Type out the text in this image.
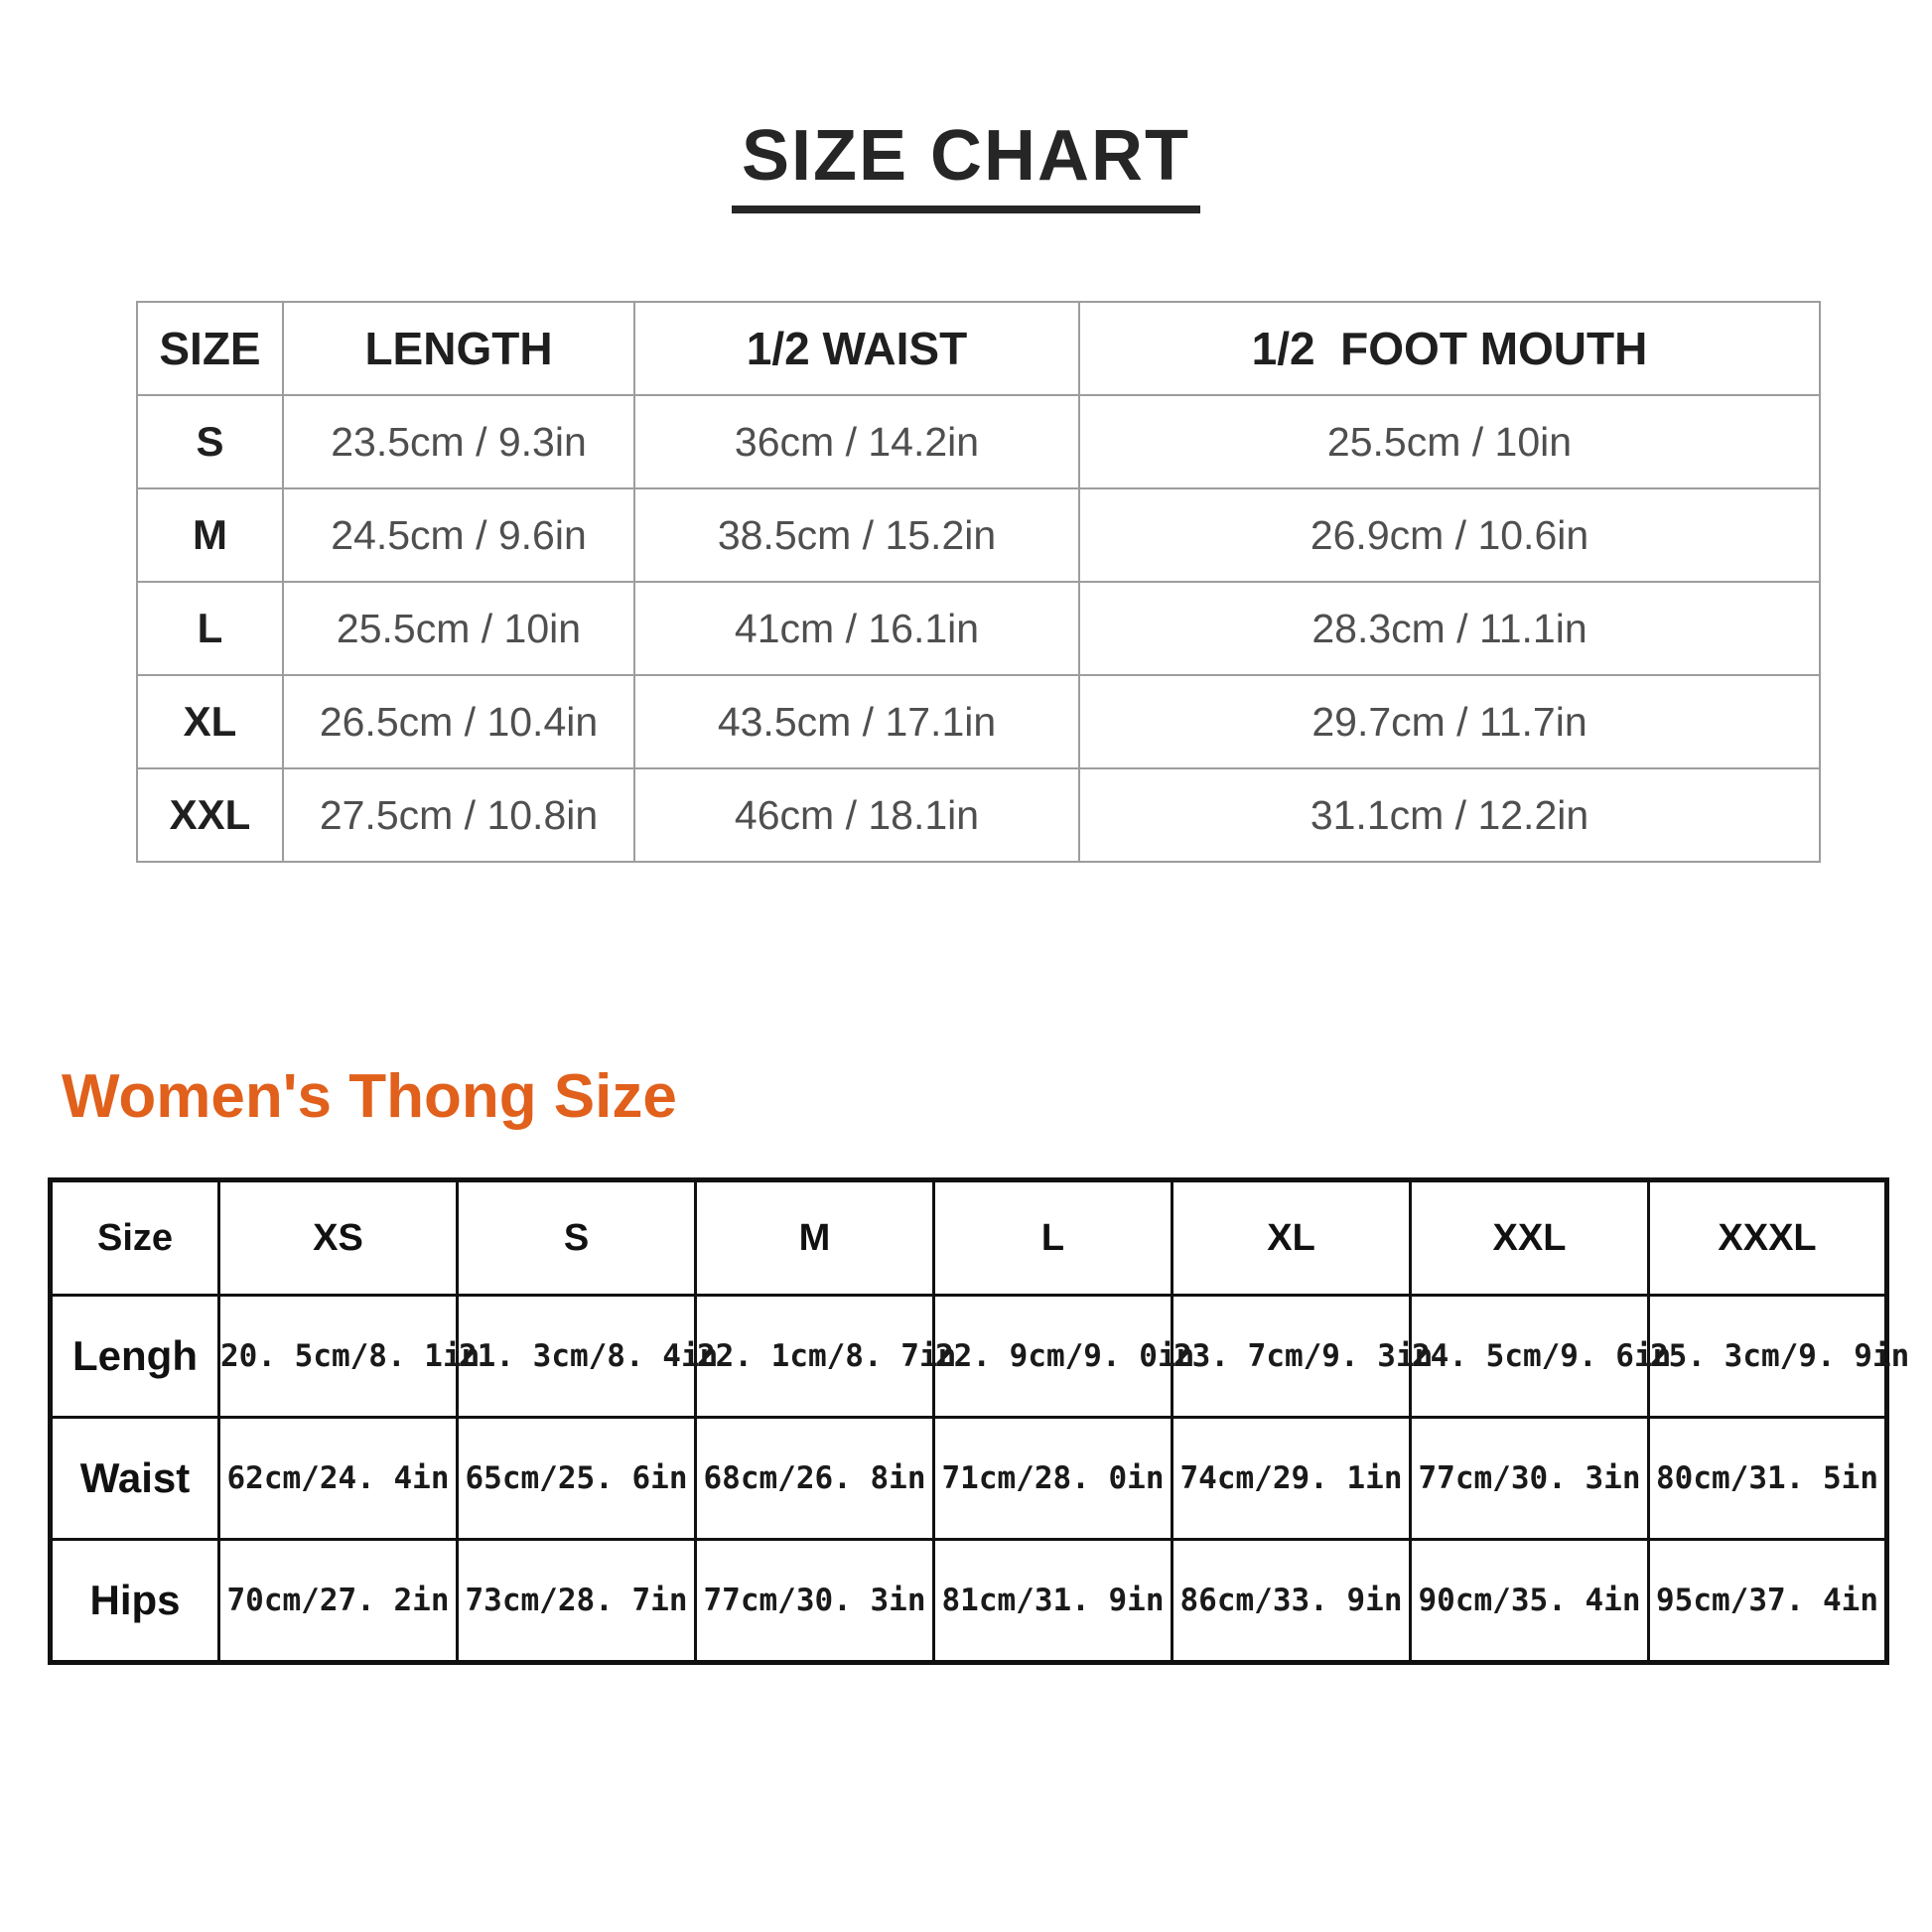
SIZE CHART
SIZE	LENGTH	1/2 WAIST	1/2  FOOT MOUTH
S	23.5cm / 9.3in	36cm / 14.2in	25.5cm / 10in
M	24.5cm / 9.6in	38.5cm / 15.2in	26.9cm / 10.6in
L	25.5cm / 10in	41cm / 16.1in	28.3cm / 11.1in
XL	26.5cm / 10.4in	43.5cm / 17.1in	29.7cm / 11.7in
XXL	27.5cm / 10.8in	46cm / 18.1in	31.1cm / 12.2in
Women's Thong Size
Size	XS	S	M	L	XL	XXL	XXXL
Lengh	20. 5cm/8. 1in	21. 3cm/8. 4in	22. 1cm/8. 7in	22. 9cm/9. 0in	23. 7cm/9. 3in	24. 5cm/9. 6in	25. 3cm/9. 9in
Waist	62cm/24. 4in	65cm/25. 6in	68cm/26. 8in	71cm/28. 0in	74cm/29. 1in	77cm/30. 3in	80cm/31. 5in
Hips	70cm/27. 2in	73cm/28. 7in	77cm/30. 3in	81cm/31. 9in	86cm/33. 9in	90cm/35. 4in	95cm/37. 4in
